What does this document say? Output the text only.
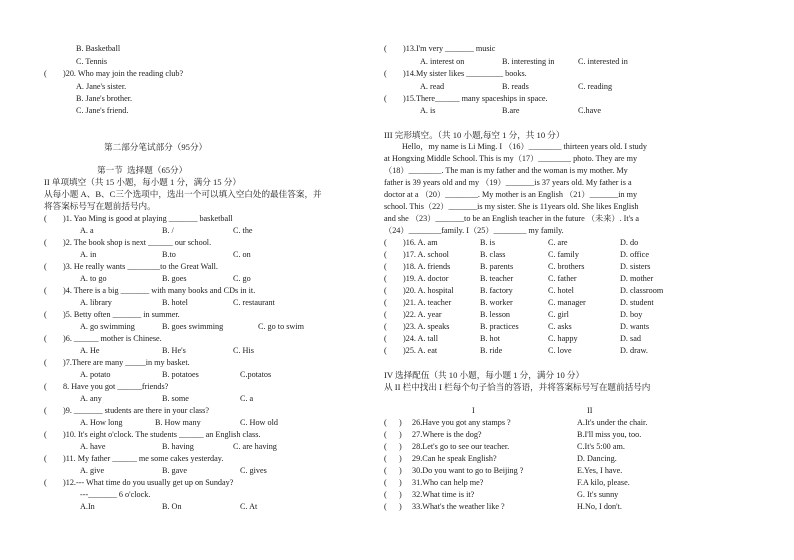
B. Basketball
C. Tennis
( )20. Who may join the reading club?
A. Jane's sister.
B. Jane's brother.
C. Jane's friend.
第二部分笔试部分（95分）
第一节  选择题（65分）
II 单项填空（共 15 小题，每小题 1 分，满分 15 分）
从每小题 A、B、C三个选项中，选出一个可以填入空白处的最佳答案，并
将答案标号写在题前括号内。
( )1. Yao Ming is good at playing _______ basketball
A. a	B. /	C. the
( )2. The book shop is next ______ our school.
A. in	B.to	C. on
( )3. He really wants ________to the Great Wall.
A. to go	B. goes	C. go
( )4. There is a big _______ with many books and CDs in it.
A. library	B. hotel	C. restaurant
( )5. Betty often _______ in summer.
A. go swimming	B. goes swimming	C. go to swim
( )6. ______ mother is Chinese.
A. He	B. He's	C. His
( )7.There are many _____in my basket.
A. potato	B. potatoes	C.potatos
( 8. Have you got ______friends?
A. any	B. some	C. a
( )9. _______ students are there in your class?
A. How long	B. How many	C. How old
( )10. It's eight o'clock. The students ______ an English class.
A. have	B. having	C. are having
( )11. My father ______ me some cakes yesterday.
A. give	B. gave	C. gives
( )12.--- What time do you usually get up on Sunday?
---_______ 6 o'clock.
A.In	B. On	C. At
( )13.I'm very _______ music
A. interest on	B. interesting in	C. interested in
( )14.My sister likes _________ books.
A. read	B. reads	C. reading
( )15.There______ many spaceships in space.
A. is	B.are	C.have
III 完形填空。（共 10 小题,每空 1 分，共 10 分）
Hello，my name is Li Ming. I （16）________ thirteen years old. I study
at Hongxing Middle School. This is my（17）________ photo. They are my
（18）________. The man is my father and the woman is my mother. My
father is 39 years old and my （19）_______is 37 years old. My father is a
doctor at a （20）________. My mother is an English （21）_______in my
school. This（22）_______is my sister. She is 11years old. She likes English
and she （23）_______to be an English teacher in the future （未来）. It's a
（24）________family. I（25）________ my family.
( )16. A. am	B. is	C. are	D. do
( )17. A. school	B. class	C. family	D. office
( )18. A. friends	B. parents	C. brothers	D. sisters
( )19. A. doctor	B. teacher	C. father	D. mother
( )20. A. hospital	B. factory	C. hotel	D. classroom
( )21. A. teacher	B. worker	C. manager	D. student
( )22. A. year	B. lesson	C. girl	D. boy
( )23. A. speaks	B. practices	C. asks	D. wants
( )24. A. tall	B. hot	C. happy	D. sad
( )25. A. eat	B. ride	C. love	D. draw.
IV 选择配伍（共 10 小题，每小题 1 分，满分 10 分）
从 II 栏中找出 I 栏每个句子恰当的答语，并将答案标号写在题前括号内
I	II
(      ) 26.Have you got any stamps ?	A.It's under the chair.
(      ) 27.Where is the dog?	B.I'll miss you, too.
(      ) 28.Let's go to see our teacher.	C.It's 5:00 am.
(      ) 29.Can he speak English?	D. Dancing.
(      ) 30.Do you want to go to Beijing ?	E.Yes, I have.
(      ) 31.Who can help me?	F.A kilo, please.
(      ) 32.What time is it?	G. It's sunny
(      ) 33.What's the weather like ?	H.No, I don't.
